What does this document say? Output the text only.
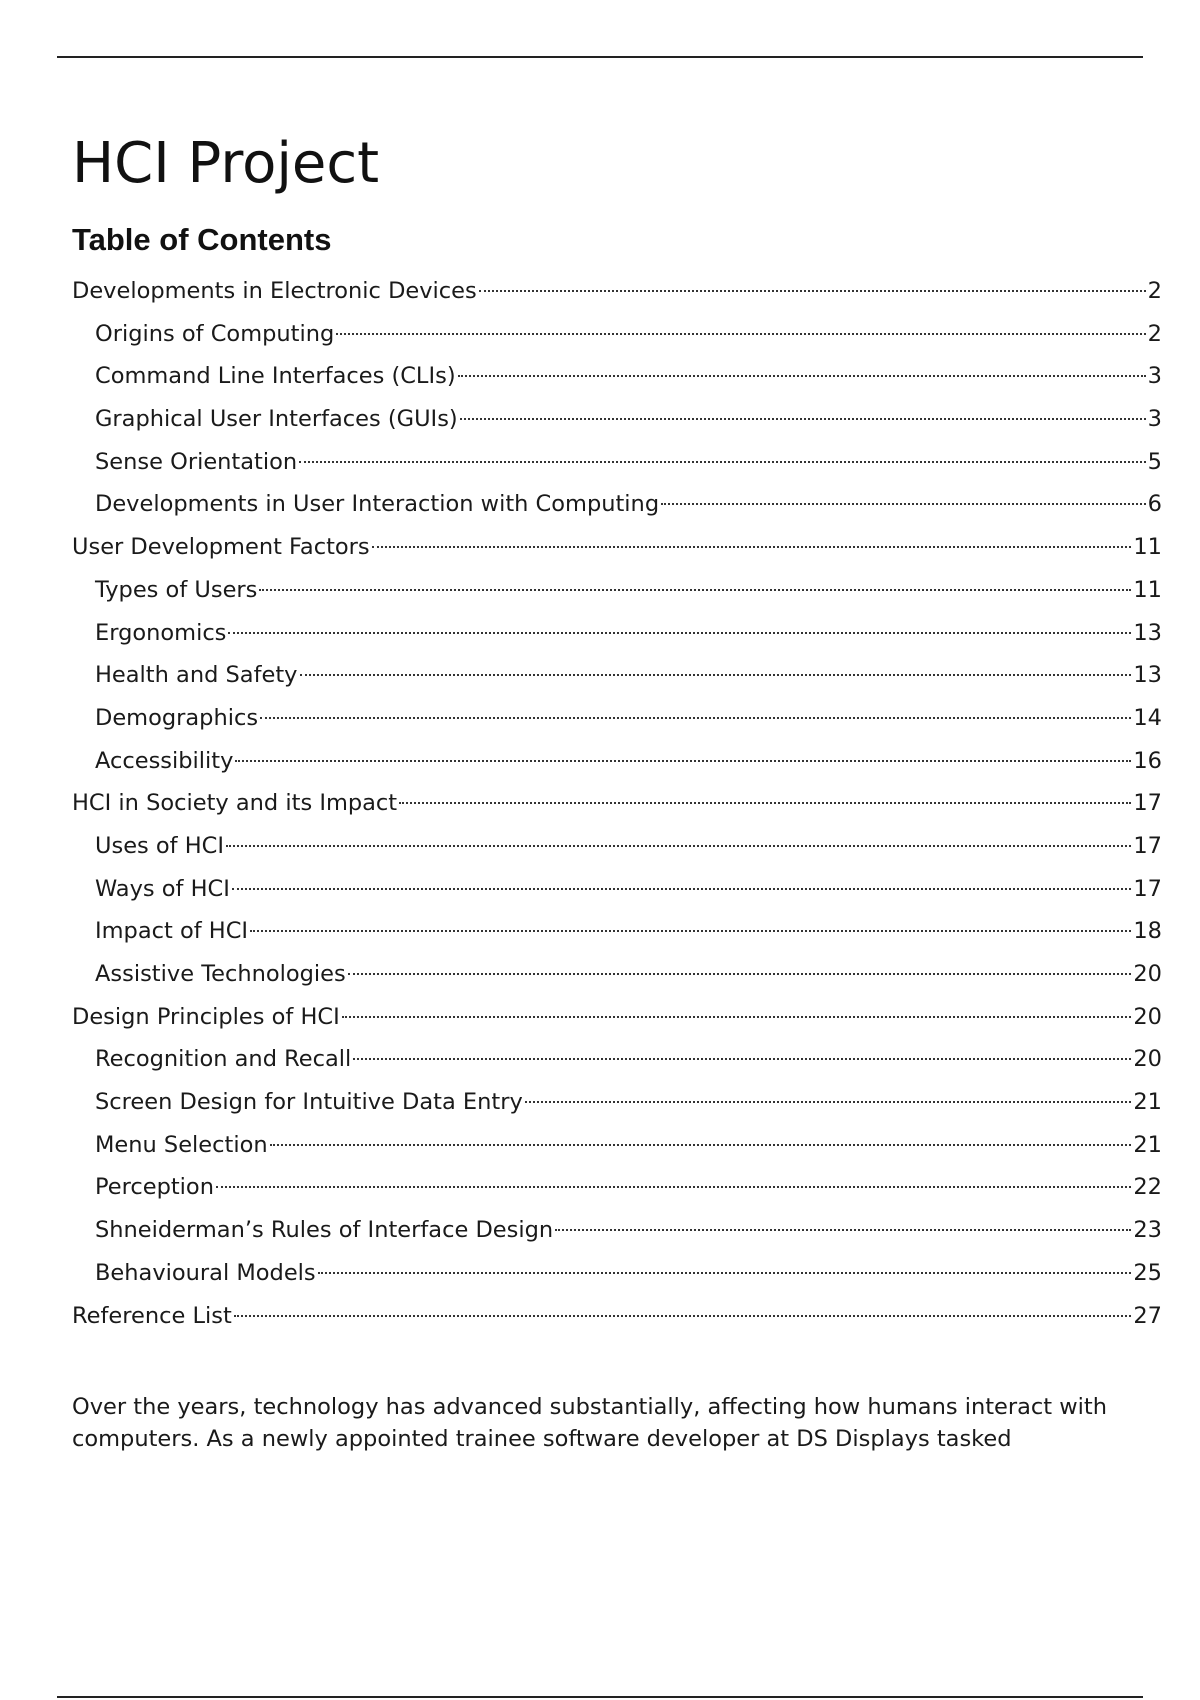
HCI Project
Table of Contents
Developments in Electronic Devices	2
Origins of Computing	2
Command Line Interfaces (CLIs)	3
Graphical User Interfaces (GUIs)	3
Sense Orientation	5
Developments in User Interaction with Computing	6
User Development Factors	11
Types of Users	11
Ergonomics	13
Health and Safety	13
Demographics	14
Accessibility	16
HCI in Society and its Impact	17
Uses of HCI	17
Ways of HCI	17
Impact of HCI	18
Assistive Technologies	20
Design Principles of HCI	20
Recognition and Recall	20
Screen Design for Intuitive Data Entry	21
Menu Selection	21
Perception	22
Shneiderman’s Rules of Interface Design	23
Behavioural Models	25
Reference List	27

Over the years, technology has advanced substantially, affecting how humans interact with computers. As a newly appointed trainee software developer at DS Displays tasked
